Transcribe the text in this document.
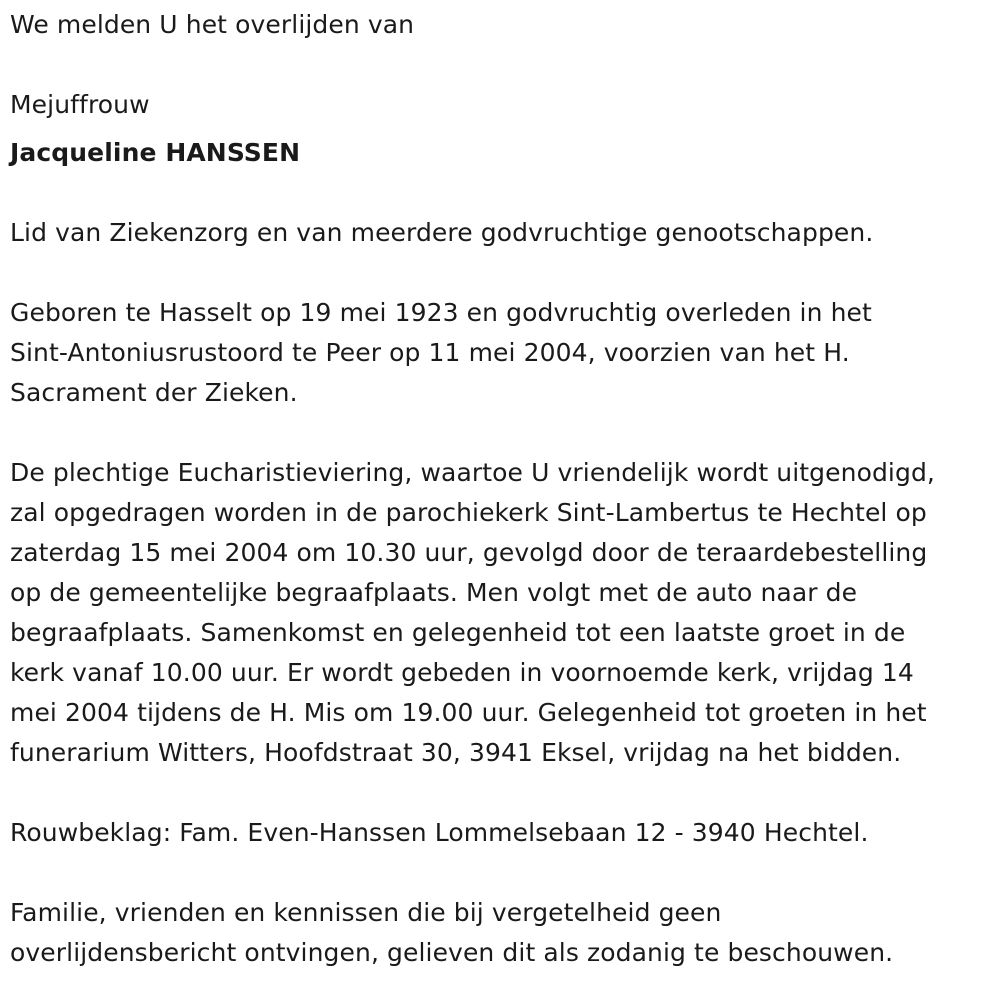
We melden U het overlijden van
Mejuffrouw
Jacqueline HANSSEN
Lid van Ziekenzorg en van meerdere godvruchtige genootschappen.
Geboren te Hasselt op 19 mei 1923 en godvruchtig overleden in het
Sint-Antoniusrustoord te Peer op 11 mei 2004, voorzien van het H.
Sacrament der Zieken.
De plechtige Eucharistieviering, waartoe U vriendelijk wordt uitgenodigd,
zal opgedragen worden in de parochiekerk Sint-Lambertus te Hechtel op
zaterdag 15 mei 2004 om 10.30 uur, gevolgd door de teraardebestelling
op de gemeentelijke begraafplaats. Men volgt met de auto naar de
begraafplaats. Samenkomst en gelegenheid tot een laatste groet in de
kerk vanaf 10.00 uur. Er wordt gebeden in voornoemde kerk, vrijdag 14
mei 2004 tijdens de H. Mis om 19.00 uur. Gelegenheid tot groeten in het
funerarium Witters, Hoofdstraat 30, 3941 Eksel, vrijdag na het bidden.
Rouwbeklag: Fam. Even-Hanssen Lommelsebaan 12 - 3940 Hechtel.
Familie, vrienden en kennissen die bij vergetelheid geen
overlijdensbericht ontvingen, gelieven dit als zodanig te beschouwen.
